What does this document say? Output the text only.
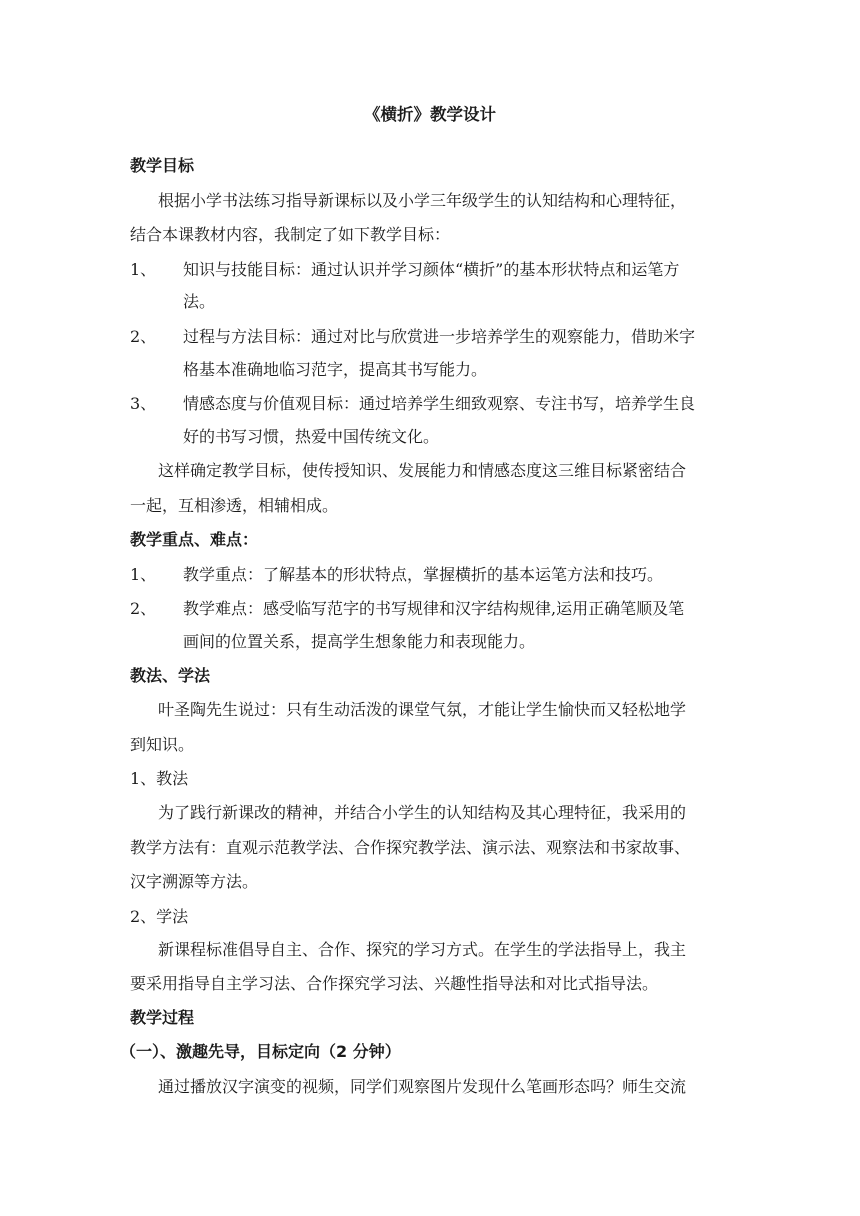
《横折》教学设计
教学目标
根据小学书法练习指导新课标以及小学三年级学生的认知结构和心理特征，
结合本课教材内容，我制定了如下教学目标：
1、 知识与技能目标：通过认识并学习颜体“横折”的基本形状特点和运笔方
法。
2、 过程与方法目标：通过对比与欣赏进一步培养学生的观察能力，借助米字
格基本准确地临习范字，提高其书写能力。
3、 情感态度与价值观目标：通过培养学生细致观察、专注书写，培养学生良
好的书写习惯，热爱中国传统文化。
这样确定教学目标，使传授知识、发展能力和情感态度这三维目标紧密结合
一起，互相渗透，相辅相成。
教学重点、难点：
1、 教学重点：了解基本的形状特点，掌握横折的基本运笔方法和技巧。
2、 教学难点：感受临写范字的书写规律和汉字结构规律,运用正确笔顺及笔
画间的位置关系，提高学生想象能力和表现能力。
教法、学法
叶圣陶先生说过：只有生动活泼的课堂气氛，才能让学生愉快而又轻松地学
到知识。
1、教法
为了践行新课改的精神，并结合小学生的认知结构及其心理特征，我采用的
教学方法有：直观示范教学法、合作探究教学法、演示法、观察法和书家故事、
汉字溯源等方法。
2、学法
新课程标准倡导自主、合作、探究的学习方式。在学生的学法指导上，我主
要采用指导自主学习法、合作探究学习法、兴趣性指导法和对比式指导法。
教学过程
（一）、激趣先导，目标定向（2 分钟）
通过播放汉字演变的视频，同学们观察图片发现什么笔画形态吗？师生交流
